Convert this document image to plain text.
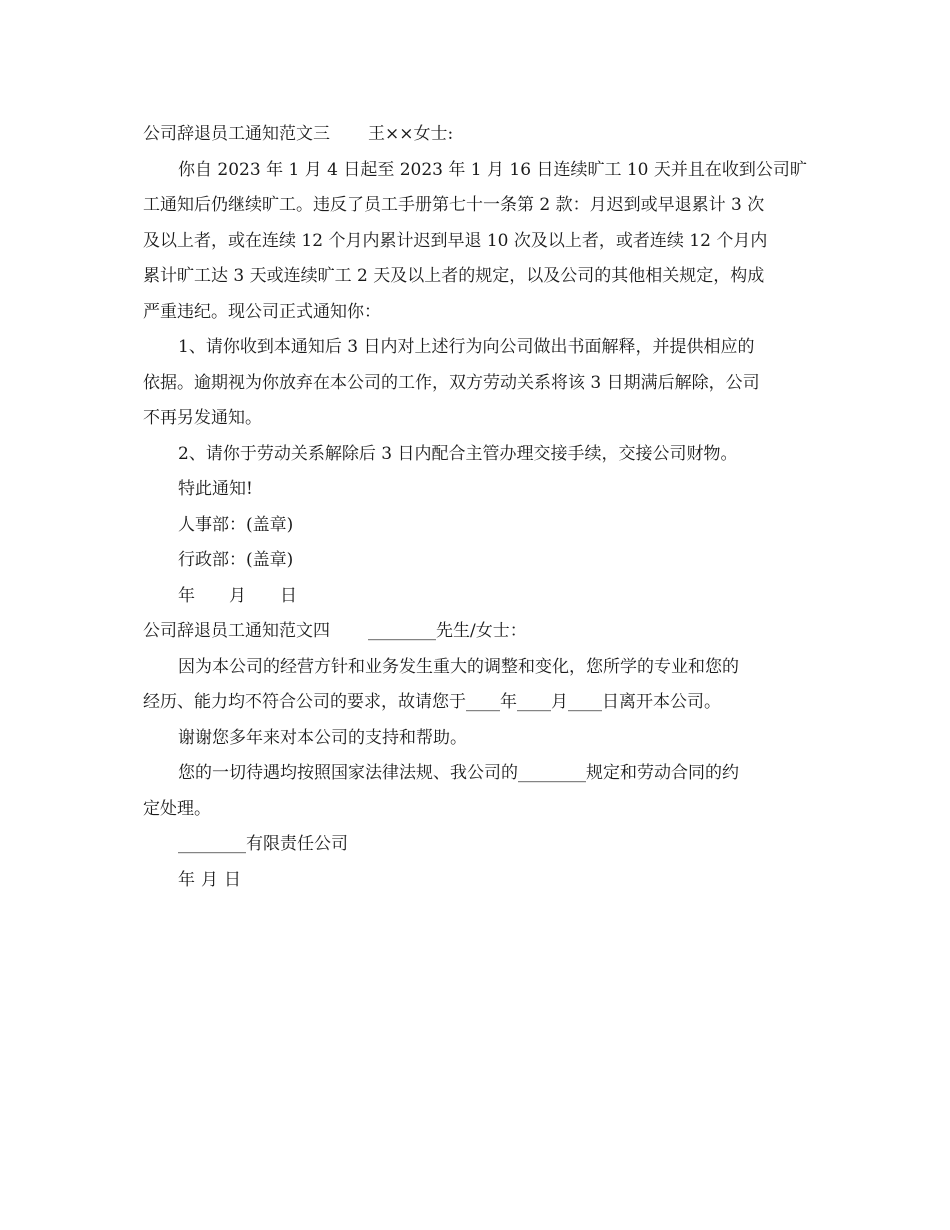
公司辞退员工通知范文三 王××女士:

你自 2023 年 1 月 4 日起至 2023 年 1 月 16 日连续旷工 10 天并且在收到公司旷

工通知后仍继续旷工。违反了员工手册第七十一条第 2 款：月迟到或早退累计 3 次

及以上者，或在连续 12 个月内累计迟到早退 10 次及以上者，或者连续 12 个月内

累计旷工达 3 天或连续旷工 2 天及以上者的规定，以及公司的其他相关规定，构成

严重违纪。现公司正式通知你：

1、请你收到本通知后 3 日内对上述行为向公司做出书面解释，并提供相应的

依据。逾期视为你放弃在本公司的工作，双方劳动关系将该 3 日期满后解除，公司

不再另发通知。

2、请你于劳动关系解除后 3 日内配合主管办理交接手续，交接公司财物。

特此通知!

人事部：(盖章)

行政部：(盖章)

年 月 日

公司辞退员工通知范文四 ________先生/女士：

因为本公司的经营方针和业务发生重大的调整和变化，您所学的专业和您的

经历、能力均不符合公司的要求，故请您于____年____月____日离开本公司。

谢谢您多年来对本公司的支持和帮助。

您的一切待遇均按照国家法律法规、我公司的________规定和劳动合同的约

定处理。

________有限责任公司

年 月 日
